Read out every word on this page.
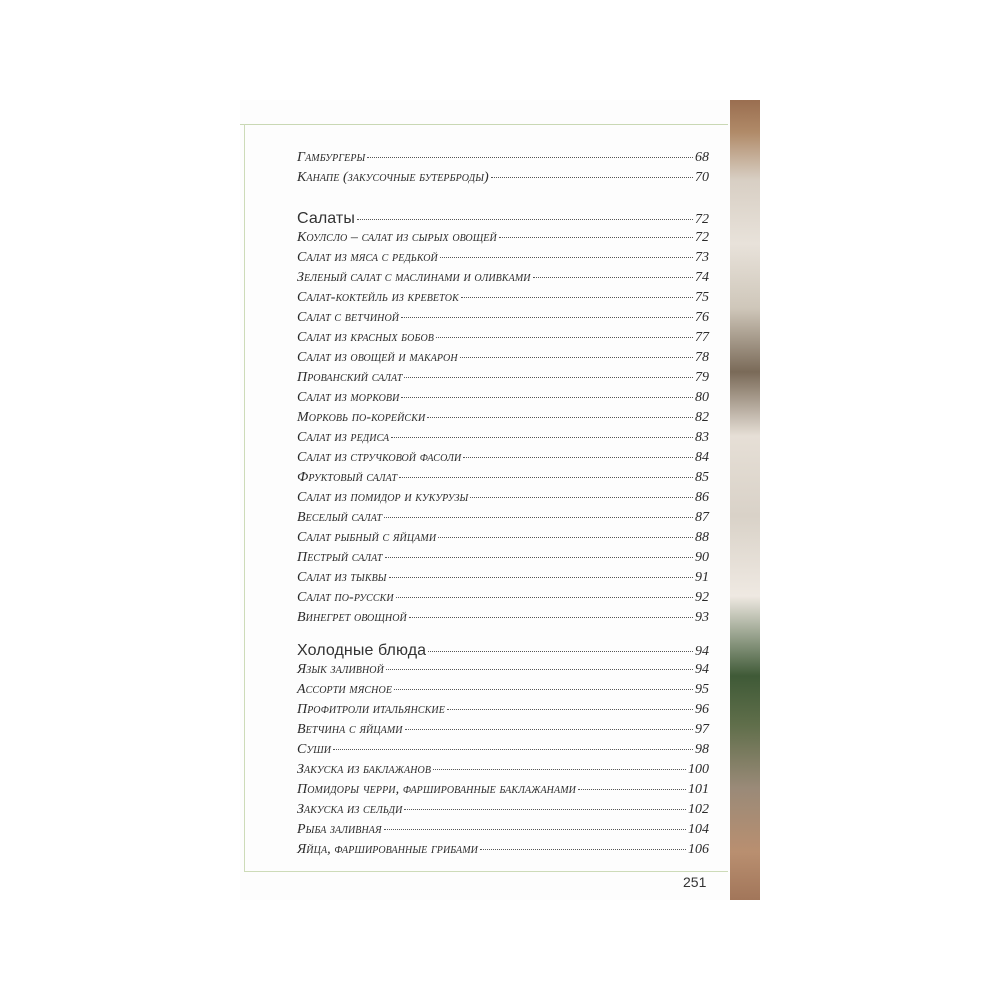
Гамбургеры	68
Канапе (закусочные бутерброды)	70
Салаты	72
Коулсло – салат из сырых овощей	72
Салат из мяса с редькой	73
Зеленый салат с маслинами и оливками	74
Салат-коктейль из креветок	75
Салат с ветчиной	76
Салат из красных бобов	77
Салат из овощей и макарон	78
Прованский салат	79
Салат из моркови	80
Морковь по-корейски	82
Салат из редиса	83
Салат из стручковой фасоли	84
Фруктовый салат	85
Салат из помидор и кукурузы	86
Веселый салат	87
Салат рыбный с яйцами	88
Пестрый салат	90
Салат из тыквы	91
Салат по-русски	92
Винегрет овощной	93
Холодные блюда	94
Язык заливной	94
Ассорти мясное	95
Профитроли итальянские	96
Ветчина с яйцами	97
Суши	98
Закуска из баклажанов	100
Помидоры черри, фаршированные баклажанами	101
Закуска из сельди	102
Рыба заливная	104
Яйца, фаршированные грибами	106
251
